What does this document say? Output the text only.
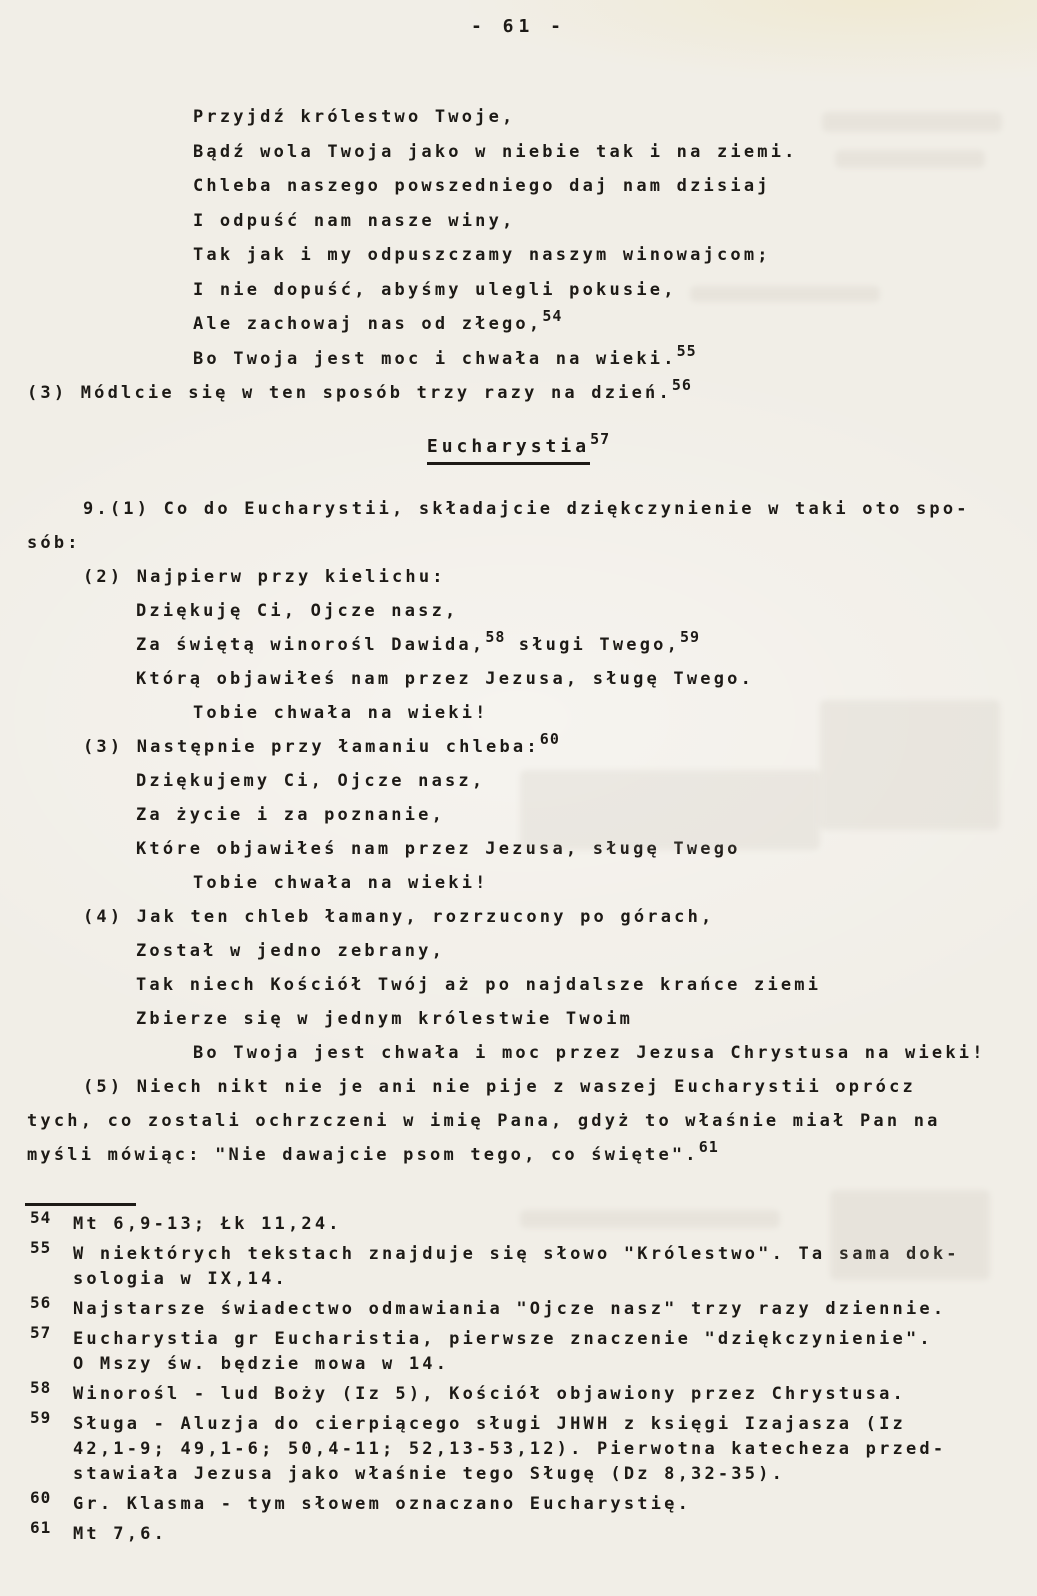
- 61 -
Przyjdź królestwo Twoje,
Bądź wola Twoja jako w niebie tak i na ziemi.
Chleba naszego powszedniego daj nam dzisiaj
I odpuść nam nasze winy,
Tak jak i my odpuszczamy naszym winowajcom;
I nie dopuść, abyśmy ulegli pokusie,
Ale zachowaj nas od złego,54
Bo Twoja jest moc i chwała na wieki.55
(3) Módlcie się w ten sposób trzy razy na dzień.56
Eucharystia57
9.(1) Co do Eucharystii, składajcie dziękczynienie w taki oto spo-
sób:
(2) Najpierw przy kielichu:
Dziękuję Ci, Ojcze nasz,
Za świętą winorośl Dawida,58 sługi Twego,59
Którą objawiłeś nam przez Jezusa, sługę Twego.
Tobie chwała na wieki!
(3) Następnie przy łamaniu chleba:60
Dziękujemy Ci, Ojcze nasz,
Za życie i za poznanie,
Które objawiłeś nam przez Jezusa, sługę Twego
Tobie chwała na wieki!
(4) Jak ten chleb łamany, rozrzucony po górach,
Został w jedno zebrany,
Tak niech Kościół Twój aż po najdalsze krańce ziemi
Zbierze się w jednym królestwie Twoim
Bo Twoja jest chwała i moc przez Jezusa Chrystusa na wieki!
(5) Niech nikt nie je ani nie pije z waszej Eucharystii oprócz
tych, co zostali ochrzczeni w imię Pana, gdyż to właśnie miał Pan na
myśli mówiąc: "Nie dawajcie psom tego, co święte".61
54 Mt 6,9-13; Łk 11,24.
55 W niektórych tekstach znajduje się słowo "Królestwo". Ta sama dok-
sologia w IX,14.
56 Najstarsze świadectwo odmawiania "Ojcze nasz" trzy razy dziennie.
57 Eucharystia gr Eucharistia, pierwsze znaczenie "dziękczynienie".
O Mszy św. będzie mowa w 14.
58 Winorośl - lud Boży (Iz 5), Kościół objawiony przez Chrystusa.
59 Sługa - Aluzja do cierpiącego sługi JHWH z księgi Izajasza (Iz
42,1-9; 49,1-6; 50,4-11; 52,13-53,12). Pierwotna katecheza przed-
stawiała Jezusa jako właśnie tego Sługę (Dz 8,32-35).
60 Gr. Klasma - tym słowem oznaczano Eucharystię.
61 Mt 7,6.
